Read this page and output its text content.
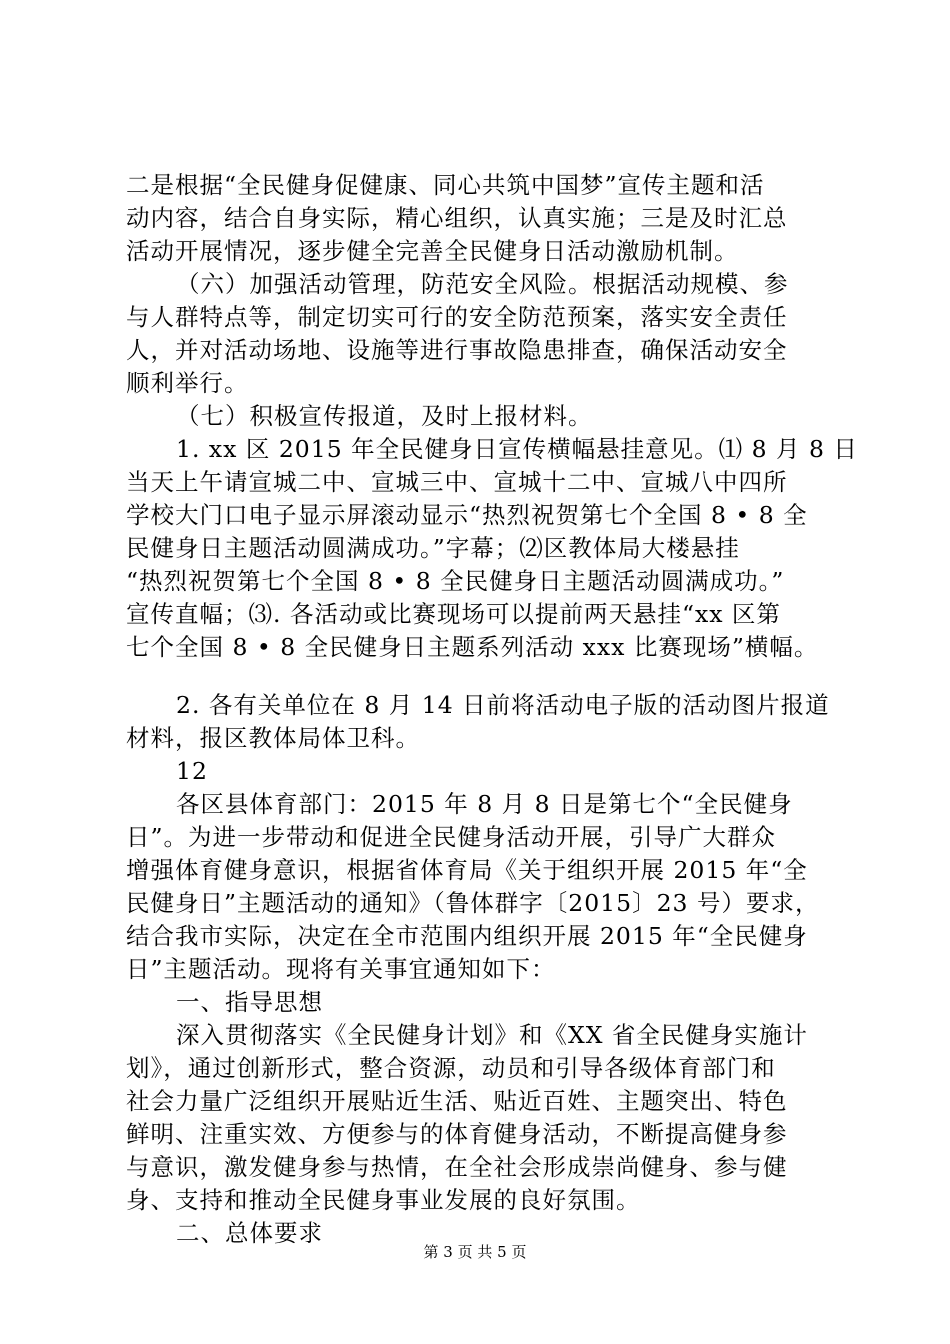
二是根据“全民健身促健康、同心共筑中国梦”宣传主题和活
动内容，结合自身实际，精心组织，认真实施；三是及时汇总
活动开展情况，逐步健全完善全民健身日活动激励机制。
（六）加强活动管理，防范安全风险。根据活动规模、参
与人群特点等，制定切实可行的安全防范预案，落实安全责任
人，并对活动场地、设施等进行事故隐患排查，确保活动安全
顺利举行。
（七）积极宣传报道，及时上报材料。
1. xx 区 2015 年全民健身日宣传横幅悬挂意见。⑴ 8 月 8 日
当天上午请宣城二中、宣城三中、宣城十二中、宣城八中四所
学校大门口电子显示屏滚动显示“热烈祝贺第七个全国 8 • 8 全
民健身日主题活动圆满成功。”字幕；⑵区教体局大楼悬挂
“热烈祝贺第七个全国 8 • 8 全民健身日主题活动圆满成功。”
宣传直幅；⑶. 各活动或比赛现场可以提前两天悬挂“xx 区第
七个全国 8 • 8 全民健身日主题系列活动 xxx 比赛现场”横幅。
2. 各有关单位在 8 月 14 日前将活动电子版的活动图片报道
材料，报区教体局体卫科。
12
各区县体育部门：2015 年 8 月 8 日是第七个“全民健身
日”。为进一步带动和促进全民健身活动开展，引导广大群众
增强体育健身意识，根据省体育局《关于组织开展 2015 年“全
民健身日”主题活动的通知》（鲁体群字〔2015〕23 号）要求，
结合我市实际，决定在全市范围内组织开展 2015 年“全民健身
日”主题活动。现将有关事宜通知如下：
一、指导思想
深入贯彻落实《全民健身计划》和《XX 省全民健身实施计
划》，通过创新形式，整合资源，动员和引导各级体育部门和
社会力量广泛组织开展贴近生活、贴近百姓、主题突出、特色
鲜明、注重实效、方便参与的体育健身活动，不断提高健身参
与意识，激发健身参与热情，在全社会形成崇尚健身、参与健
身、支持和推动全民健身事业发展的良好氛围。
二、总体要求
第 3 页 共 5 页
